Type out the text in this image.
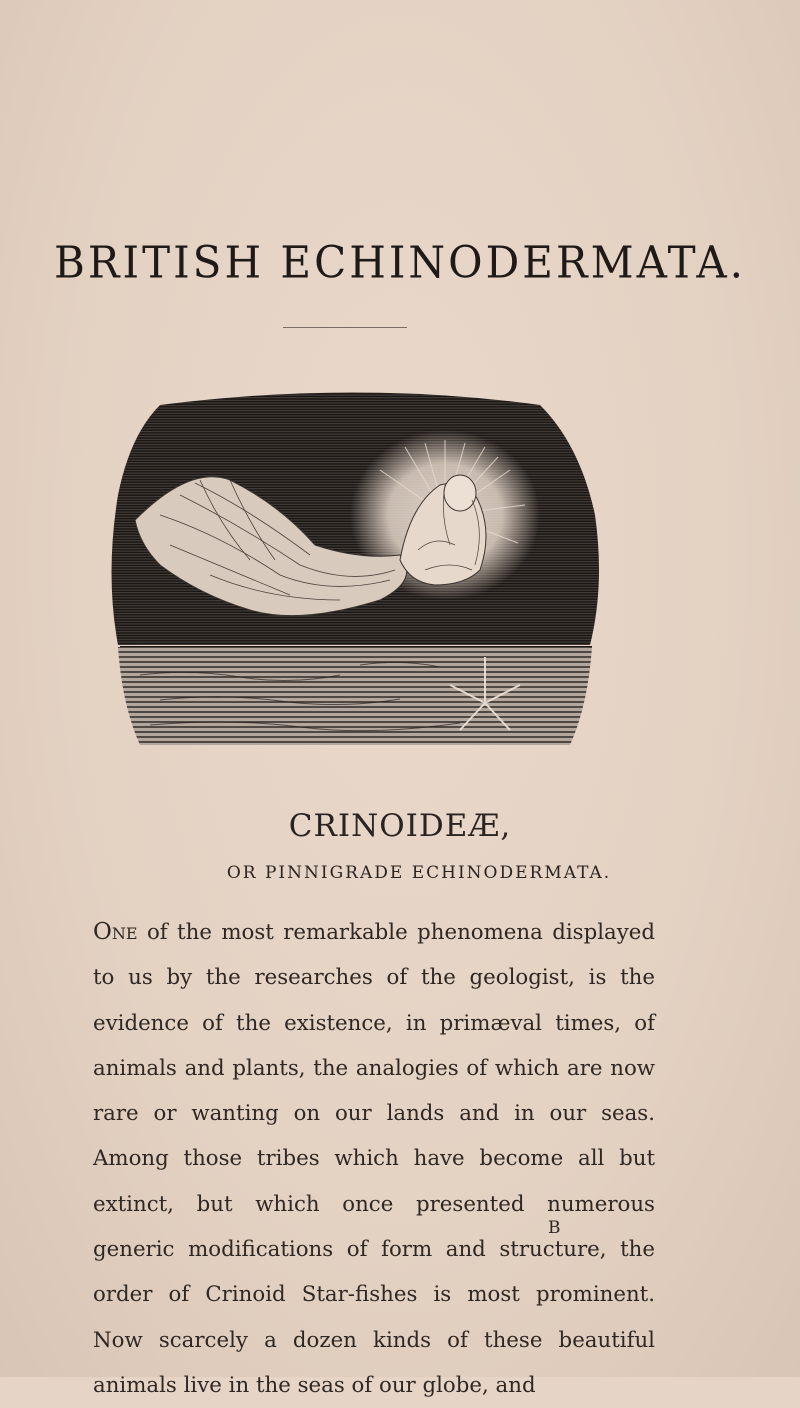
BRITISH ECHINODERMATA.
CRINOIDEÆ,
OR PINNIGRADE ECHINODERMATA.

One of the most remarkable phenomena displayed to us by the researches of the geologist, is the evidence of the existence, in primæval times, of animals and plants, the analogies of which are now rare or wanting on our lands and in our seas. Among those tribes which have become all but extinct, but which once presented numerous generic modifications of form and structure, the order of Crinoid Star-fishes is most prominent. Now scarcely a dozen kinds of these beautiful animals live in the seas of our globe, and

B
